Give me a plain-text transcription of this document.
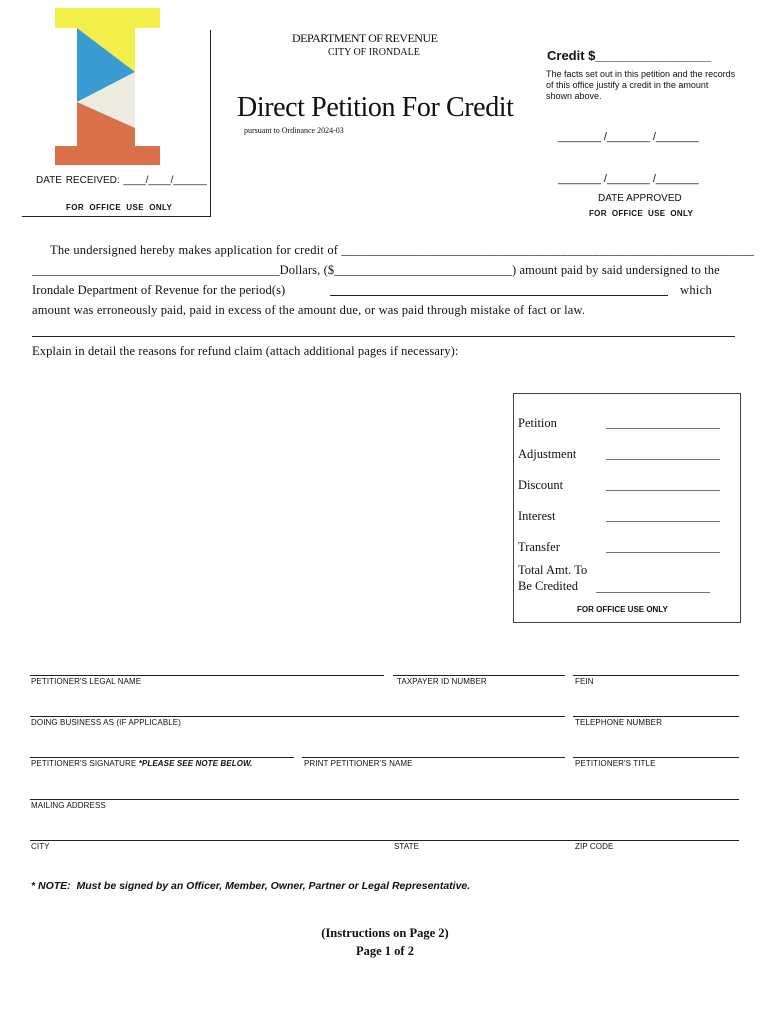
DATE RECEIVED: ____/____/______
FOR  OFFICE  USE  ONLY
DEPARTMENT OF REVENUE
CITY OF IRONDALE
Direct Petition For Credit
pursuant to Ordinance 2024-03
Credit $________________
The facts set out in this petition and the records of this office justify a credit in the amount shown above.
_______ /_______ /_______
_______ /_______ /_______
DATE APPROVED
FOR  OFFICE  USE  ONLY
The undersigned hereby makes application for credit of ________________________________________________________________
_______________________________________Dollars, ($____________________________) amount paid by said undersigned to the
Irondale Department of Revenue for the period(s)	which
amount was erroneously paid, paid in excess of the amount due, or was paid through mistake of fact or law.
Explain in detail the reasons for refund claim (attach additional pages if necessary):
Petition	___________________
Adjustment ___________________
Discount	___________________
Interest	___________________
Transfer	___________________
Total Amt. To
Be Credited ___________________
FOR OFFICE USE ONLY
PETITIONER'S LEGAL NAME	TAXPAYER ID NUMBER	FEIN
DOING BUSINESS AS (IF APPLICABLE)	TELEPHONE NUMBER
PETITIONER'S SIGNATURE *PLEASE SEE NOTE BELOW.	PRINT PETITIONER'S NAME	PETITIONER'S TITLE
MAILING ADDRESS
CITY	STATE	ZIP CODE
* NOTE:  Must be signed by an Officer, Member, Owner, Partner or Legal Representative.
(Instructions on Page 2)
Page 1 of 2
